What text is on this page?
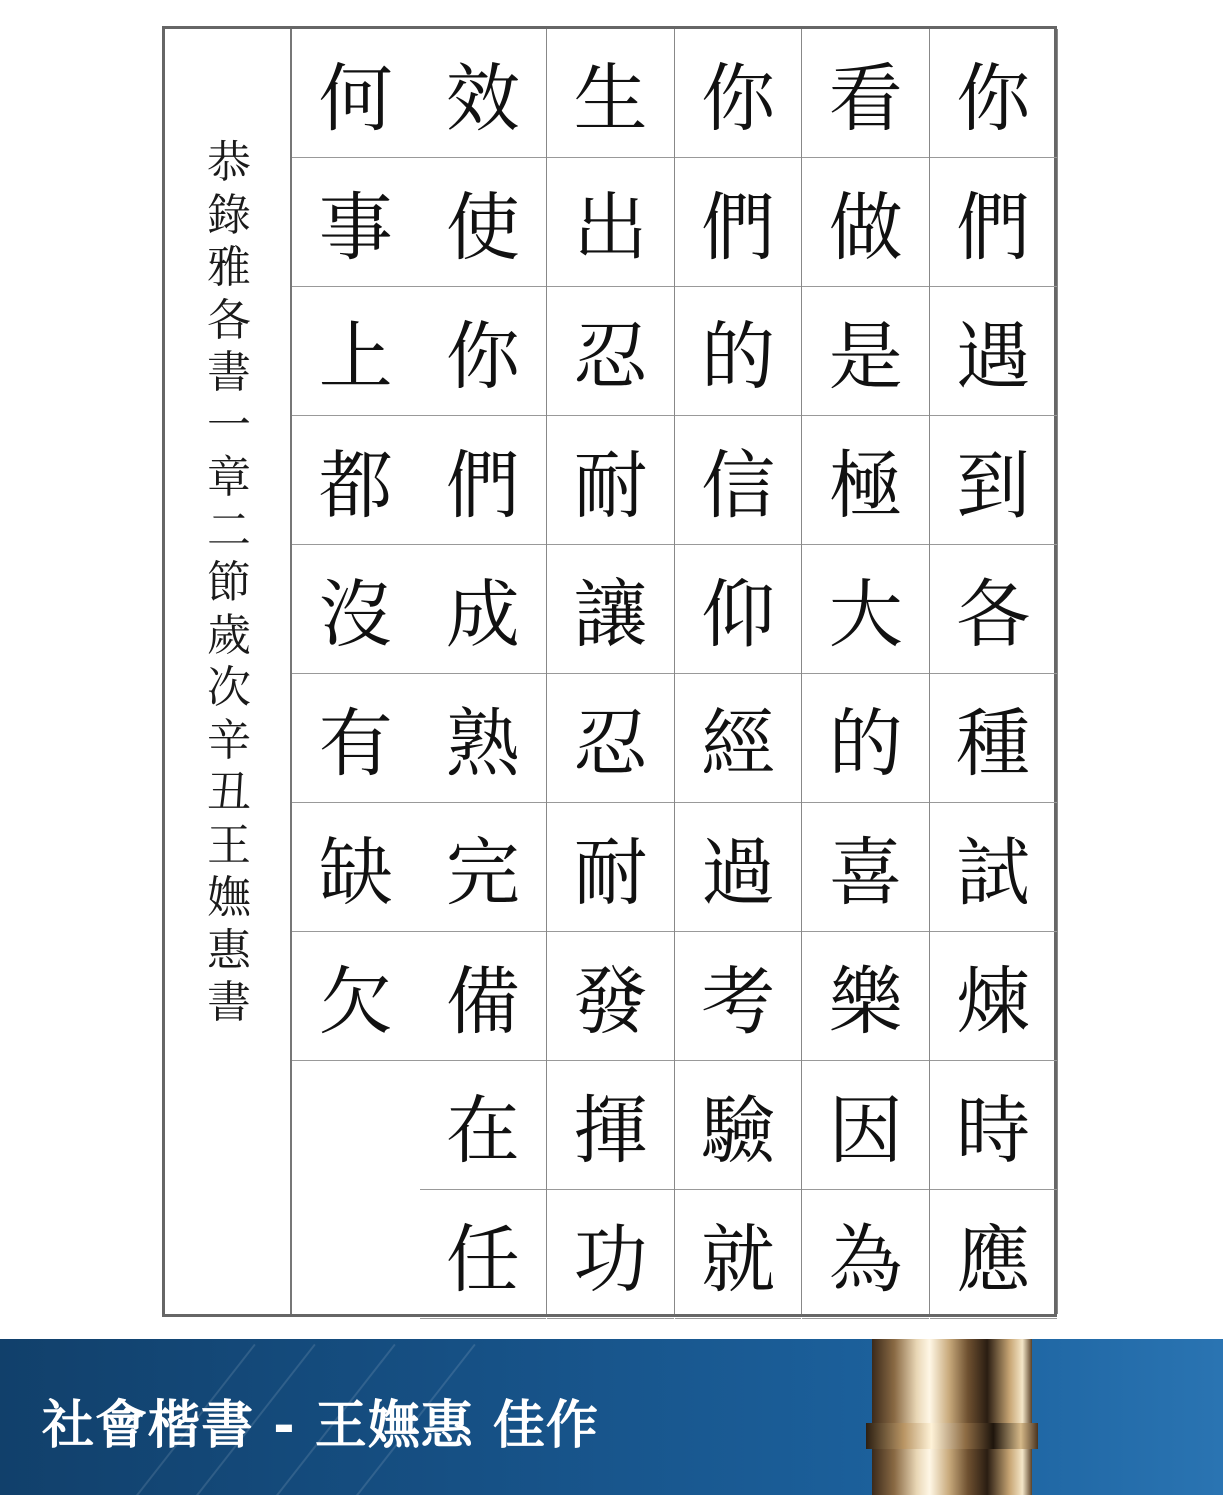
恭錄雅各書一章二節 歲次辛丑王嫵惠書
你
們
遇
到
各
種
試
煉
時
應
看
做
是
極
大
的
喜
樂
因
為
你
們
的
信
仰
經
過
考
驗
就
生
出
忍
耐
讓
忍
耐
發
揮
功
效
使
你
們
成
熟
完
備
在
任
何
事
上
都
沒
有
缺
欠
社會楷書 - 王嫵惠 佳作
